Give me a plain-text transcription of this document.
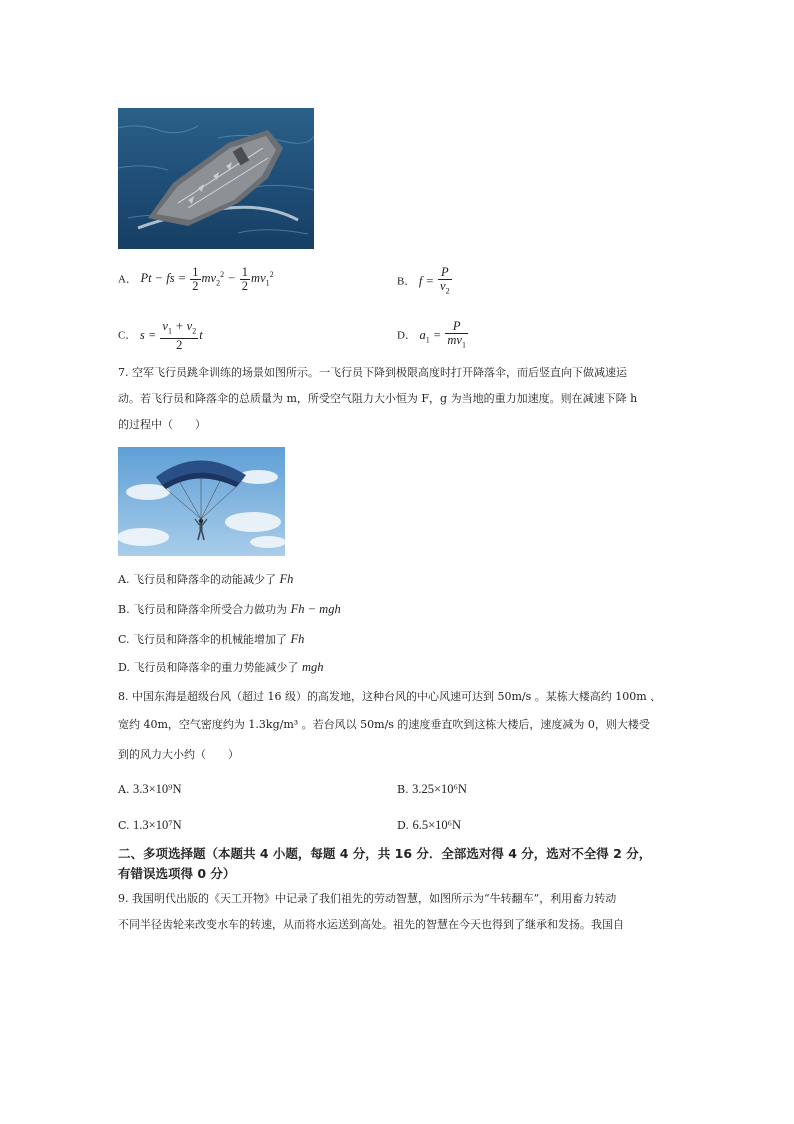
A． Pt − fs = $\frac{1}{2} mv_2^2 - \frac{1}{2} mv_1^2$
B． $f = \frac{P}{v_2}$
C． $s = \frac{v_1 + v_2}{2}$ t	D． $a_1 = \frac{P}{mv_1}$
7. 空军飞行员跳伞训练的场景如图所示。一飞行员下降到极限高度时打开降落伞，而后竖直向下做减速运
动。若飞行员和降落伞的总质量为 m，所受空气阻力大小恒为 F，g 为当地的重力加速度。则在减速下降 h
的过程中（　　）
A. 飞行员和降落伞的动能减少了 Fh
B. 飞行员和降落伞所受合力做功为 Fh − mgh
C. 飞行员和降落伞的机械能增加了 Fh
D. 飞行员和降落伞的重力势能减少了 mgh
8. 中国东海是超级台风（超过 16 级）的高发地，这种台风的中心风速可达到 50m/s 。某栋大楼高约 100m 、
宽约 40m，空气密度约为 1.3kg/m³ 。若台风以 50m/s 的速度垂直吹到这栋大楼后，速度减为 0，则大楼受
到的风力大小约（　　）
A. 3.3×10⁹N	B. 3.25×10⁶N
C. 1.3×10⁷N	D. 6.5×10⁶N
二、多项选择题（本题共 4 小题，每题 4 分，共 16 分．全部选对得 4 分，选对不全得 2 分，
有错误选项得 0 分）
9. 我国明代出版的《天工开物》中记录了我们祖先的劳动智慧，如图所示为“牛转翻车”，利用畜力转动
不同半径齿轮来改变水车的转速，从而将水运送到高处。祖先的智慧在今天也得到了继承和发扬。我国自
